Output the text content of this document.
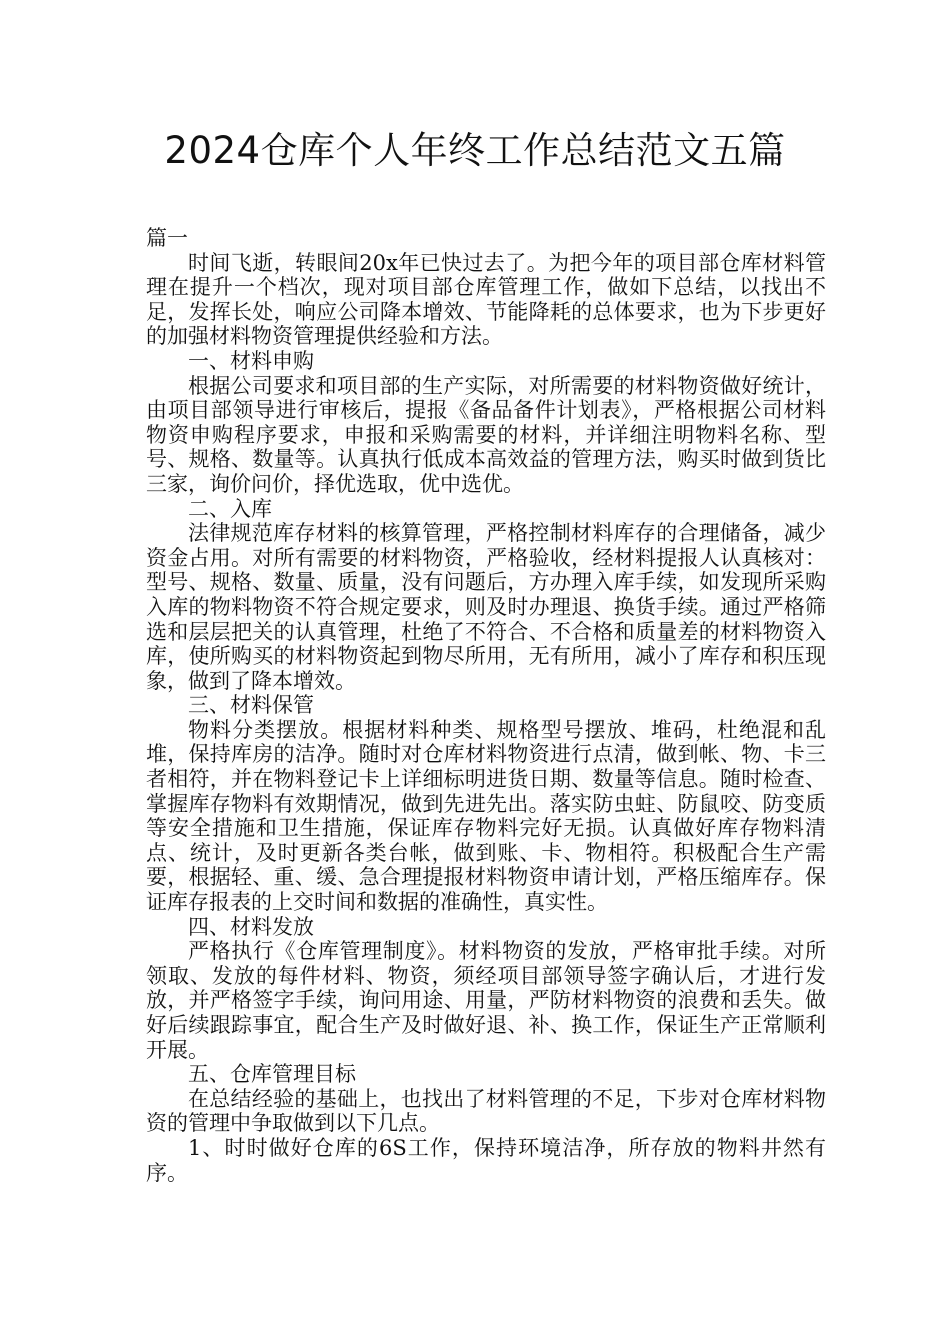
2024仓库个人年终工作总结范文五篇

篇一

时间飞逝，转眼间20x年已快过去了。为把今年的项目部仓库材料管理在提升一个档次，现对项目部仓库管理工作，做如下总结，以找出不足，发挥长处，响应公司降本增效、节能降耗的总体要求，也为下步更好的加强材料物资管理提供经验和方法。

一、材料申购

根据公司要求和项目部的生产实际，对所需要的材料物资做好统计，由项目部领导进行审核后，提报《备品备件计划表》，严格根据公司材料物资申购程序要求，申报和采购需要的材料，并详细注明物料名称、型号、规格、数量等。认真执行低成本高效益的管理方法，购买时做到货比三家，询价问价，择优选取，优中选优。

二、入库

法律规范库存材料的核算管理，严格控制材料库存的合理储备，减少资金占用。对所有需要的材料物资，严格验收，经材料提报人认真核对：型号、规格、数量、质量，没有问题后，方办理入库手续，如发现所采购入库的物料物资不符合规定要求，则及时办理退、换货手续。通过严格筛选和层层把关的认真管理，杜绝了不符合、不合格和质量差的材料物资入库，使所购买的材料物资起到物尽所用，无有所用，减小了库存和积压现象，做到了降本增效。

三、材料保管

物料分类摆放。根据材料种类、规格型号摆放、堆码，杜绝混和乱堆，保持库房的洁净。随时对仓库材料物资进行点清，做到帐、物、卡三者相符，并在物料登记卡上详细标明进货日期、数量等信息。随时检查、掌握库存物料有效期情况，做到先进先出。落实防虫蛀、防鼠咬、防变质等安全措施和卫生措施，保证库存物料完好无损。认真做好库存物料清点、统计，及时更新各类台帐，做到账、卡、物相符。积极配合生产需要，根据轻、重、缓、急合理提报材料物资申请计划，严格压缩库存。保证库存报表的上交时间和数据的准确性，真实性。

四、材料发放

严格执行《仓库管理制度》。材料物资的发放，严格审批手续。对所领取、发放的每件材料、物资，须经项目部领导签字确认后，才进行发放，并严格签字手续，询问用途、用量，严防材料物资的浪费和丢失。做好后续跟踪事宜，配合生产及时做好退、补、换工作，保证生产正常顺利开展。

五、仓库管理目标

在总结经验的基础上，也找出了材料管理的不足，下步对仓库材料物资的管理中争取做到以下几点。

1、时时做好仓库的6S工作，保持环境洁净，所存放的物料井然有序。
